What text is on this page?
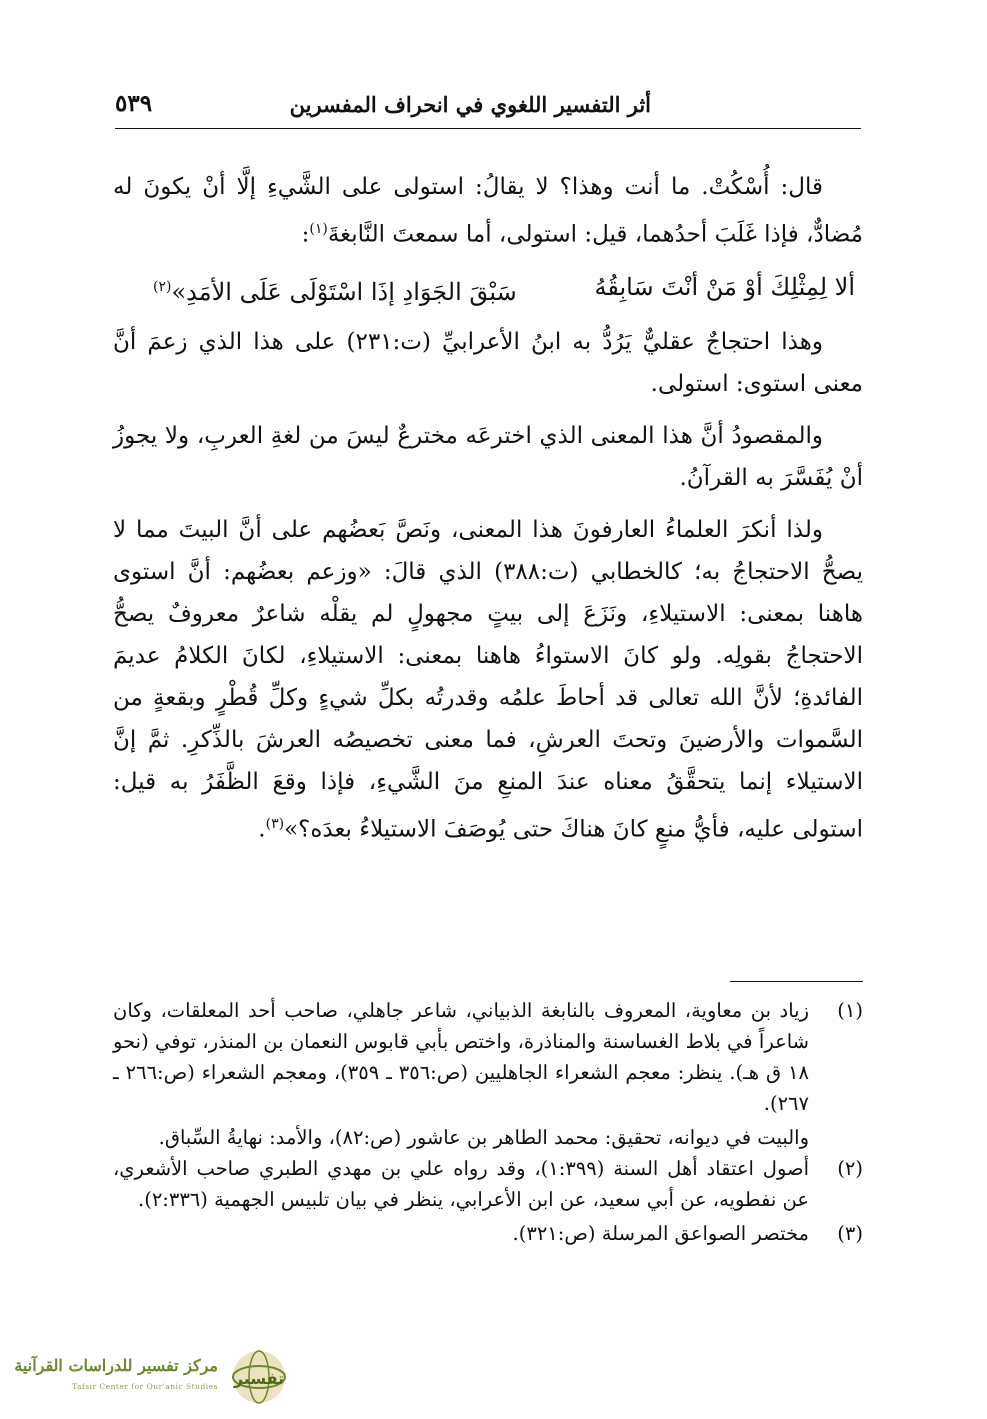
أثر التفسير اللغوي في انحراف المفسرين
٥٣٩

قال: أُسْكُتْ. ما أنت وهذا؟ لا يقالُ: استولى على الشَّيءِ إلَّا أنْ يكونَ له مُضادٌّ، فإذا غَلَبَ أحدُهما، قيل: استولى، أما سمعتَ النَّابغةَ$^{(١)}$:

ألا لِمِثْلِكَ أوْ مَنْ أنْتَ سَابِقُهُ
سَبْقَ الجَوَادِ إذَا اسْتَوْلَى عَلَى الأمَدِ»$^{(٢)}$

وهذا احتجاجٌ عقليٌّ يَرُدُّ به ابنُ الأعرابيِّ (ت:٢٣١) على هذا الذي زعمَ أنَّ معنى استوى: استولى.

والمقصودُ أنَّ هذا المعنى الذي اخترعَه مخترعٌ ليسَ من لغةِ العربِ، ولا يجوزُ أنْ يُفَسَّرَ به القرآنُ.

ولذا أنكرَ العلماءُ العارفونَ هذا المعنى، ونَصَّ بَعضُهم على أنَّ البيتَ مما لا يصحُّ الاحتجاجُ به؛ كالخطابي (ت:٣٨٨) الذي قالَ: «وزعم بعضُهم: أنَّ استوى هاهنا بمعنى: الاستيلاءِ، ونَزَعَ إلى بيتٍ مجهولٍ لم يقلْه شاعرٌ معروفٌ يصحُّ الاحتجاجُ بقولِه. ولو كانَ الاستواءُ هاهنا بمعنى: الاستيلاءِ، لكانَ الكلامُ عديمَ الفائدةِ؛ لأنَّ الله تعالى قد أحاطَ علمُه وقدرتُه بكلِّ شيءٍ وكلِّ قُطْرٍ وبقعةٍ من السَّموات والأرضينَ وتحتَ العرشِ، فما معنى تخصيصُه العرشَ بالذِّكرِ. ثمَّ إنَّ الاستيلاء إنما يتحقَّقُ معناه عندَ المنعِ منَ الشَّيءِ، فإذا وقعَ الظَّفَرُ به قيل: استولى عليه، فأيُّ منعٍ كانَ هناكَ حتى يُوصَفَ الاستيلاءُ بعدَه؟»$^{(٣)}$.

(١)
زياد بن معاوية، المعروف بالنابغة الذبياني، شاعر جاهلي، صاحب أحد المعلقات، وكان شاعراً في بلاط الغساسنة والمناذرة، واختص بأبي قابوس النعمان بن المنذر، توفي (نحو ١٨ ق هـ). ينظر: معجم الشعراء الجاهليين (ص:٣٥٦ ـ ٣٥٩)، ومعجم الشعراء (ص:٢٦٦ ـ ٢٦٧).
والبيت في ديوانه، تحقيق: محمد الطاهر بن عاشور (ص:٨٢)، والأمد: نهايةُ السِّباق.
(٢)
أصول اعتقاد أهل السنة (١:٣٩٩)، وقد رواه علي بن مهدي الطبري صاحب الأشعري، عن نفطويه، عن أبي سعيد، عن ابن الأعرابي، ينظر في بيان تلبيس الجهمية (٢:٣٣٦).
(٣)
مختصر الصواعق المرسلة (ص:٣٢١).
تفسير
مركز تفسير للدراسات القرآنية
Tafsir Center for Qur'anic Studies
